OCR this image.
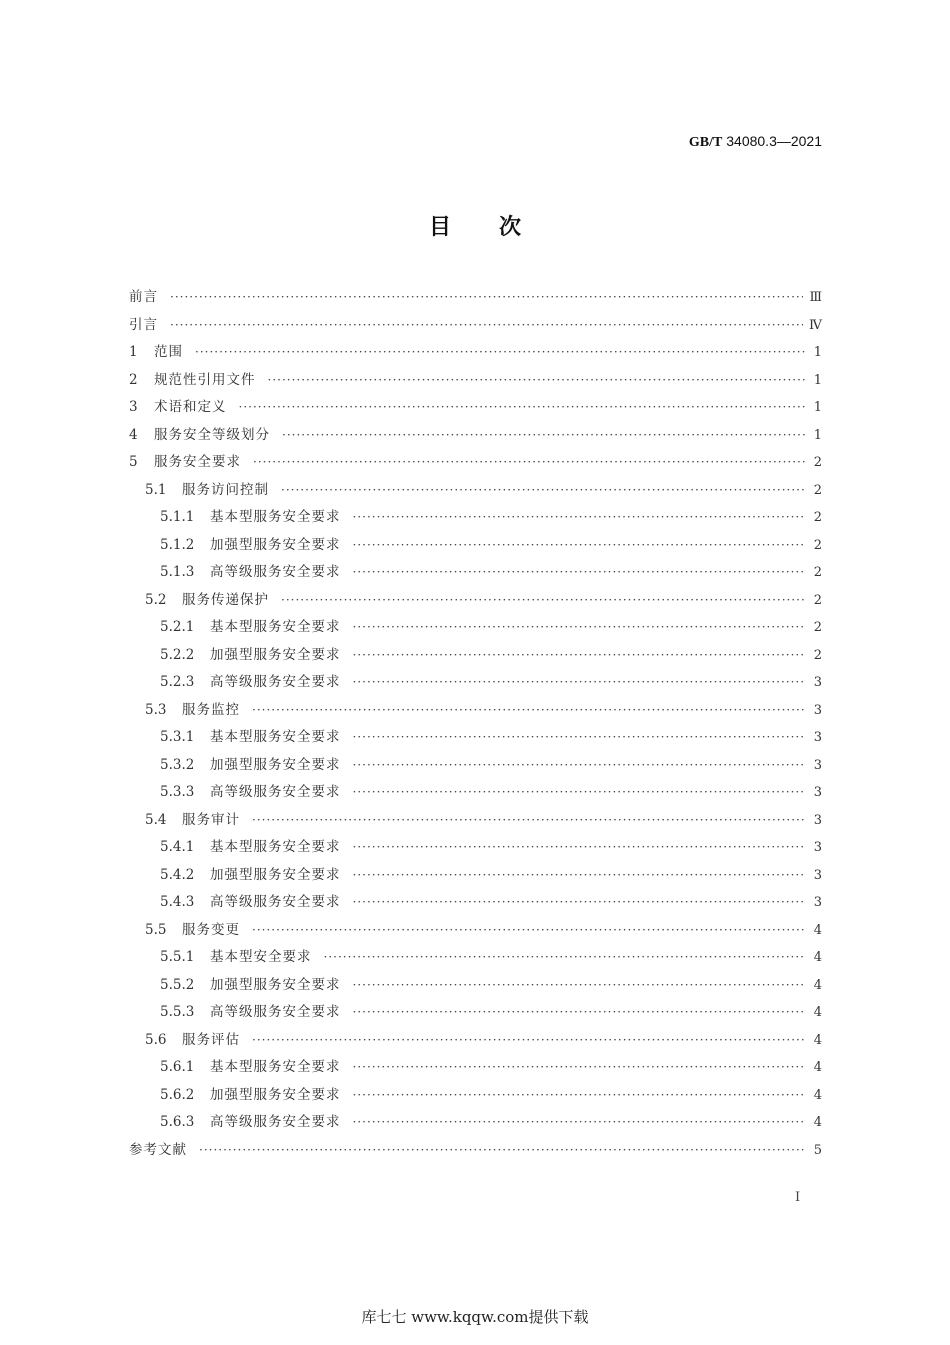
GB/T 34080.3—2021
目次
前言 ·····	Ⅲ
引言 ·····	Ⅳ
1	范围 ·····	1
2	规范性引用文件 ·····	1
3	术语和定义 ·····	1
4	服务安全等级划分 ·····	1
5	服务安全要求 ·····	2
5.1	服务访问控制 ·····	2
5.1.1	基本型服务安全要求 ·····	2
5.1.2	加强型服务安全要求 ·····	2
5.1.3	高等级服务安全要求 ·····	2
5.2	服务传递保护 ·····	2
5.2.1	基本型服务安全要求 ·····	2
5.2.2	加强型服务安全要求 ·····	2
5.2.3	高等级服务安全要求 ·····	3
5.3	服务监控 ·····	3
5.3.1	基本型服务安全要求 ·····	3
5.3.2	加强型服务安全要求 ·····	3
5.3.3	高等级服务安全要求 ·····	3
5.4	服务审计 ·····	3
5.4.1	基本型服务安全要求 ·····	3
5.4.2	加强型服务安全要求 ·····	3
5.4.3	高等级服务安全要求 ·····	3
5.5	服务变更 ·····	4
5.5.1	基本型安全要求 ·····	4
5.5.2	加强型服务安全要求 ·····	4
5.5.3	高等级服务安全要求 ·····	4
5.6	服务评估 ·····	4
5.6.1	基本型服务安全要求 ·····	4
5.6.2	加强型服务安全要求 ·····	4
5.6.3	高等级服务安全要求 ·····	4
参考文献 ·····	5
I
库七七 www.kqqw.com提供下载
